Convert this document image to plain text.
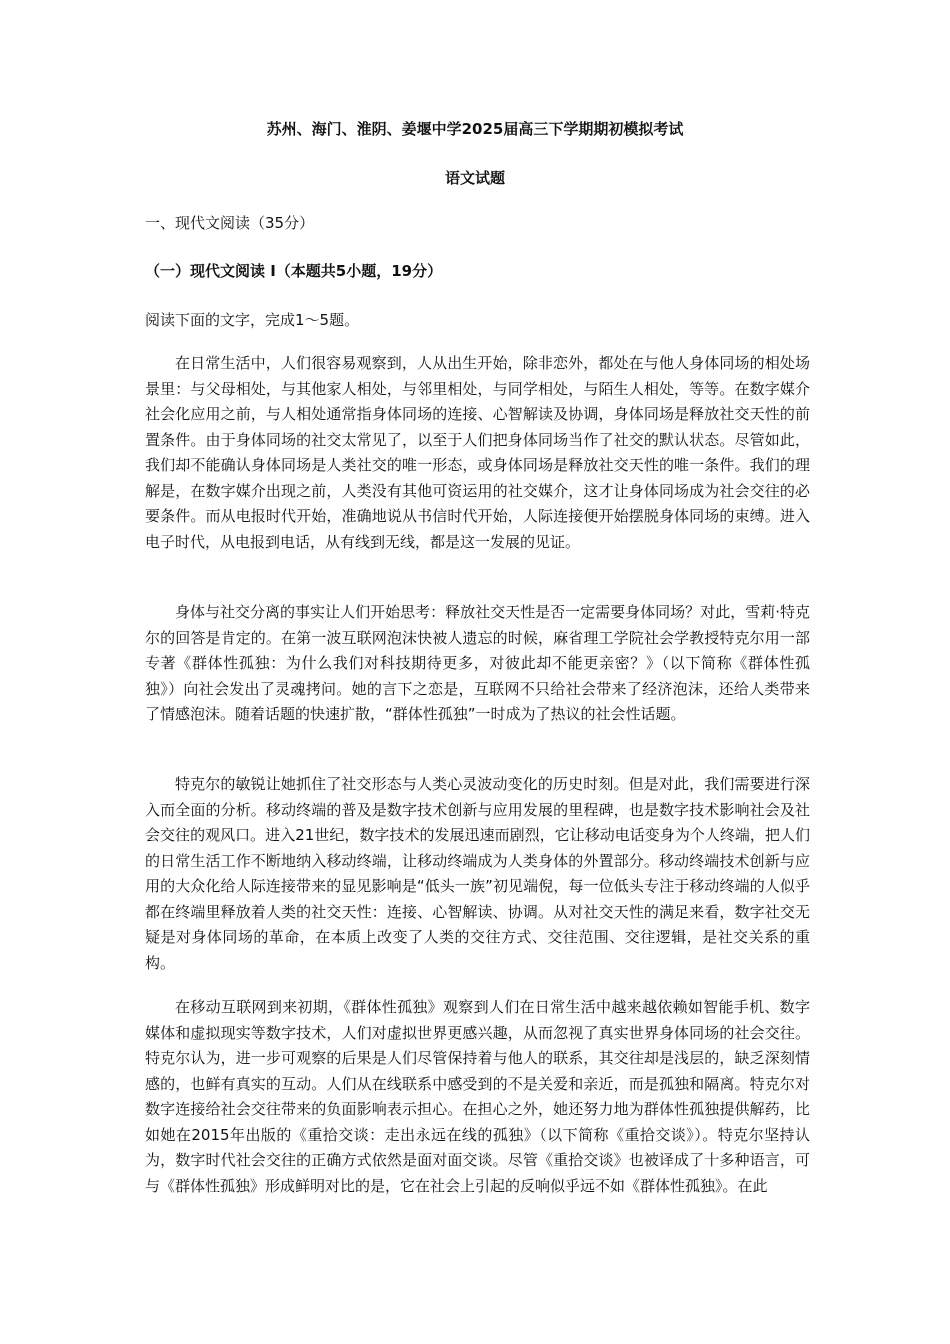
苏州、海门、淮阴、姜堰中学2025届高三下学期期初模拟考试
语文试题

一、现代文阅读（35分）

（一）现代文阅读 I（本题共5小题，19分）

阅读下面的文字，完成1～5题。

在日常生活中，人们很容易观察到，人从出生开始，除非恋外，都处在与他人身体同场的相处场景里：与父母相处，与其他家人相处，与邻里相处，与同学相处，与陌生人相处，等等。在数字媒介社会化应用之前，与人相处通常指身体同场的连接、心智解读及协调，身体同场是释放社交天性的前置条件。由于身体同场的社交太常见了，以至于人们把身体同场当作了社交的默认状态。尽管如此，我们却不能确认身体同场是人类社交的唯一形态，或身体同场是释放社交天性的唯一条件。我们的理解是，在数字媒介出现之前，人类没有其他可资运用的社交媒介，这才让身体同场成为社会交往的必要条件。而从电报时代开始，准确地说从书信时代开始，人际连接便开始摆脱身体同场的束缚。进入电子时代，从电报到电话，从有线到无线，都是这一发展的见证。

身体与社交分离的事实让人们开始思考：释放社交天性是否一定需要身体同场？对此，雪莉·特克尔的回答是肯定的。在第一波互联网泡沫快被人遗忘的时候，麻省理工学院社会学教授特克尔用一部专著《群体性孤独：为什么我们对科技期待更多，对彼此却不能更亲密？》（以下简称《群体性孤独》）向社会发出了灵魂拷问。她的言下之恋是，互联网不只给社会带来了经济泡沫，还给人类带来了情感泡沫。随着话题的快速扩散，“群体性孤独”一时成为了热议的社会性话题。

特克尔的敏锐让她抓住了社交形态与人类心灵波动变化的历史时刻。但是对此，我们需要进行深入而全面的分析。移动终端的普及是数字技术创新与应用发展的里程碑，也是数字技术影响社会及社会交往的观风口。进入21世纪，数字技术的发展迅速而剧烈，它让移动电话变身为个人终端，把人们的日常生活工作不断地纳入移动终端，让移动终端成为人类身体的外置部分。移动终端技术创新与应用的大众化给人际连接带来的显见影响是“低头一族”初见端倪，每一位低头专注于移动终端的人似乎都在终端里释放着人类的社交天性：连接、心智解读、协调。从对社交天性的满足来看，数字社交无疑是对身体同场的革命，在本质上改变了人类的交往方式、交往范围、交往逻辑，是社交关系的重构。

在移动互联网到来初期，《群体性孤独》观察到人们在日常生活中越来越依赖如智能手机、数字媒体和虚拟现实等数字技术，人们对虚拟世界更感兴趣，从而忽视了真实世界身体同场的社会交往。特克尔认为，进一步可观察的后果是人们尽管保持着与他人的联系，其交往却是浅层的，缺乏深刻情感的，也鲜有真实的互动。人们从在线联系中感受到的不是关爱和亲近，而是孤独和隔离。特克尔对数字连接给社会交往带来的负面影响表示担心。在担心之外，她还努力地为群体性孤独提供解药，比如她在2015年出版的《重拾交谈：走出永远在线的孤独》（以下简称《重拾交谈》）。特克尔坚持认为，数字时代社会交往的正确方式依然是面对面交谈。尽管《重拾交谈》也被译成了十多种语言，可与《群体性孤独》形成鲜明对比的是，它在社会上引起的反响似乎远不如《群体性孤独》。在此
